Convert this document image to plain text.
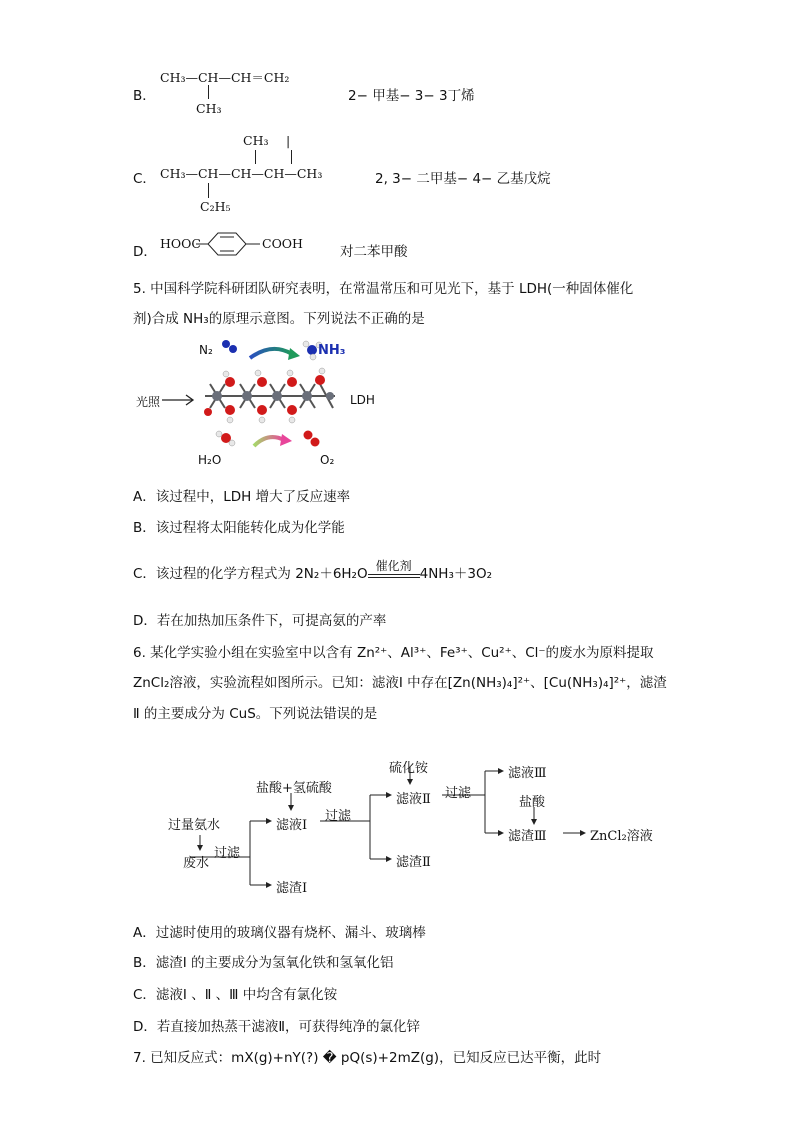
B．
CH₃—CH—CH＝CH₂
CH₃
2− 甲基− 3− 3丁烯
CH₃ |
C． CH₃—CH—CH—CH—CH₃
C₂H₅
2, 3− 二甲基− 4− 乙基戊烷
D．
HOOC	COOH
对二苯甲酸
5. 中国科学院科研团队研究表明，在常温常压和可见光下，基于 LDH(一种固体催化
剂)合成 NH₃的原理示意图。下列说法不正确的是
N₂	NH₃
光照	LDH
H₂O	O₂
A．该过程中，LDH 增大了反应速率
B．该过程将太阳能转化成为化学能
C．该过程的化学方程式为 2N₂＋6H₂O 催化剂 4NH₃＋3O₂
D．若在加热加压条件下，可提高氨的产率
6. 某化学实验小组在实验室中以含有 Zn²⁺、Al³⁺、Fe³⁺、Cu²⁺、Cl⁻的废水为原料提取
ZnCl₂溶液，实验流程如图所示。已知：滤液Ⅰ 中存在[Zn(NH₃)₄]²⁺、[Cu(NH₃)₄]²⁺，滤渣
Ⅱ 的主要成分为 CuS。下列说法错误的是
过量氨水
废水
过滤
滤液Ⅰ
滤渣Ⅰ
盐酸+氢硫酸
过滤
滤液Ⅱ
滤渣Ⅱ
硫化铵
过滤
滤液Ⅲ
盐酸
滤渣Ⅲ	ZnCl₂溶液
A．过滤时使用的玻璃仪器有烧杯、漏斗、玻璃棒
B．滤渣Ⅰ 的主要成分为氢氧化铁和氢氧化铝
C．滤液Ⅰ 、Ⅱ 、Ⅲ 中均含有氯化铵
D．若直接加热蒸干滤液Ⅱ，可获得纯净的氯化锌
7. 已知反应式：mX(g)+nY(?) � pQ(s)+2mZ(g)，已知反应已达平衡，此时
